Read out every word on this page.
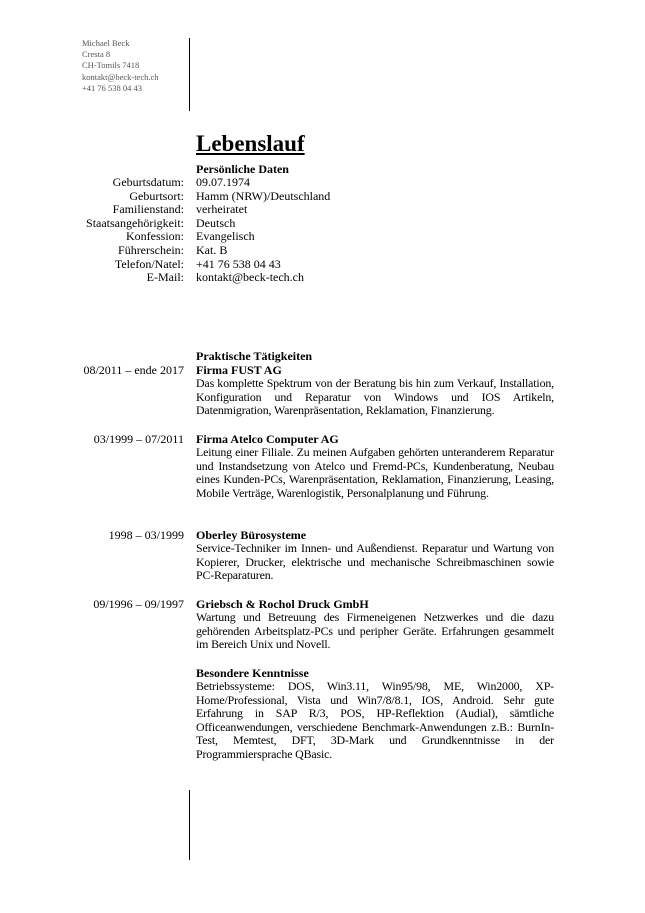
Michael Beck
Cresta 8
CH-Tomils 7418
kontakt@beck-tech.ch
+41 76 538 04 43
Lebenslauf
Persönliche Daten
Geburtsdatum: 09.07.1974
Geburtsort: Hamm (NRW)/Deutschland
Familienstand: verheiratet
Staatsangehörigkeit: Deutsch
Konfession: Evangelisch
Führerschein: Kat. B
Telefon/Natel: +41 76 538 04 43
E-Mail: kontakt@beck-tech.ch
Praktische Tätigkeiten
08/2011 – ende 2017 Firma FUST AG

Das komplette Spektrum von der Beratung bis hin zum Verkauf, Installation, Konfiguration und Reparatur von Windows und IOS Artikeln, Datenmigration, Warenpräsentation, Reklamation, Finanzierung.

03/1999 – 07/2011 Firma Atelco Computer AG

Leitung einer Filiale. Zu meinen Aufgaben gehörten unteranderem Reparatur und Instandsetzung von Atelco und Fremd-PCs, Kundenberatung, Neubau eines Kunden-PCs, Warenpräsentation, Reklamation, Finanzierung, Leasing, Mobile Verträge, Warenlogistik, Personalplanung und Führung.

1998 – 03/1999 Oberley Bürosysteme

Service-Techniker im Innen- und Außendienst. Reparatur und Wartung von Kopierer, Drucker, elektrische und mechanische Schreibmaschinen sowie PC-Reparaturen.

09/1996 – 09/1997 Griebsch & Rochol Druck GmbH

Wartung und Betreuung des Firmeneigenen Netzwerkes und die dazu gehörenden Arbeitsplatz-PCs und peripher Geräte. Erfahrungen gesammelt im Bereich Unix und Novell.

Besondere Kenntnisse

Betriebssysteme: DOS, Win3.11, Win95/98, ME, Win2000, XP-Home/Professional, Vista und Win7/8/8.1, IOS, Android. Sehr gute Erfahrung in SAP R/3, POS, HP-Reflektion (Audial), sämtliche Officeanwendungen, verschiedene Benchmark-Anwendungen z.B.: BurnIn-Test, Memtest, DFT, 3D-Mark und Grundkenntnisse in der Programmiersprache QBasic.
